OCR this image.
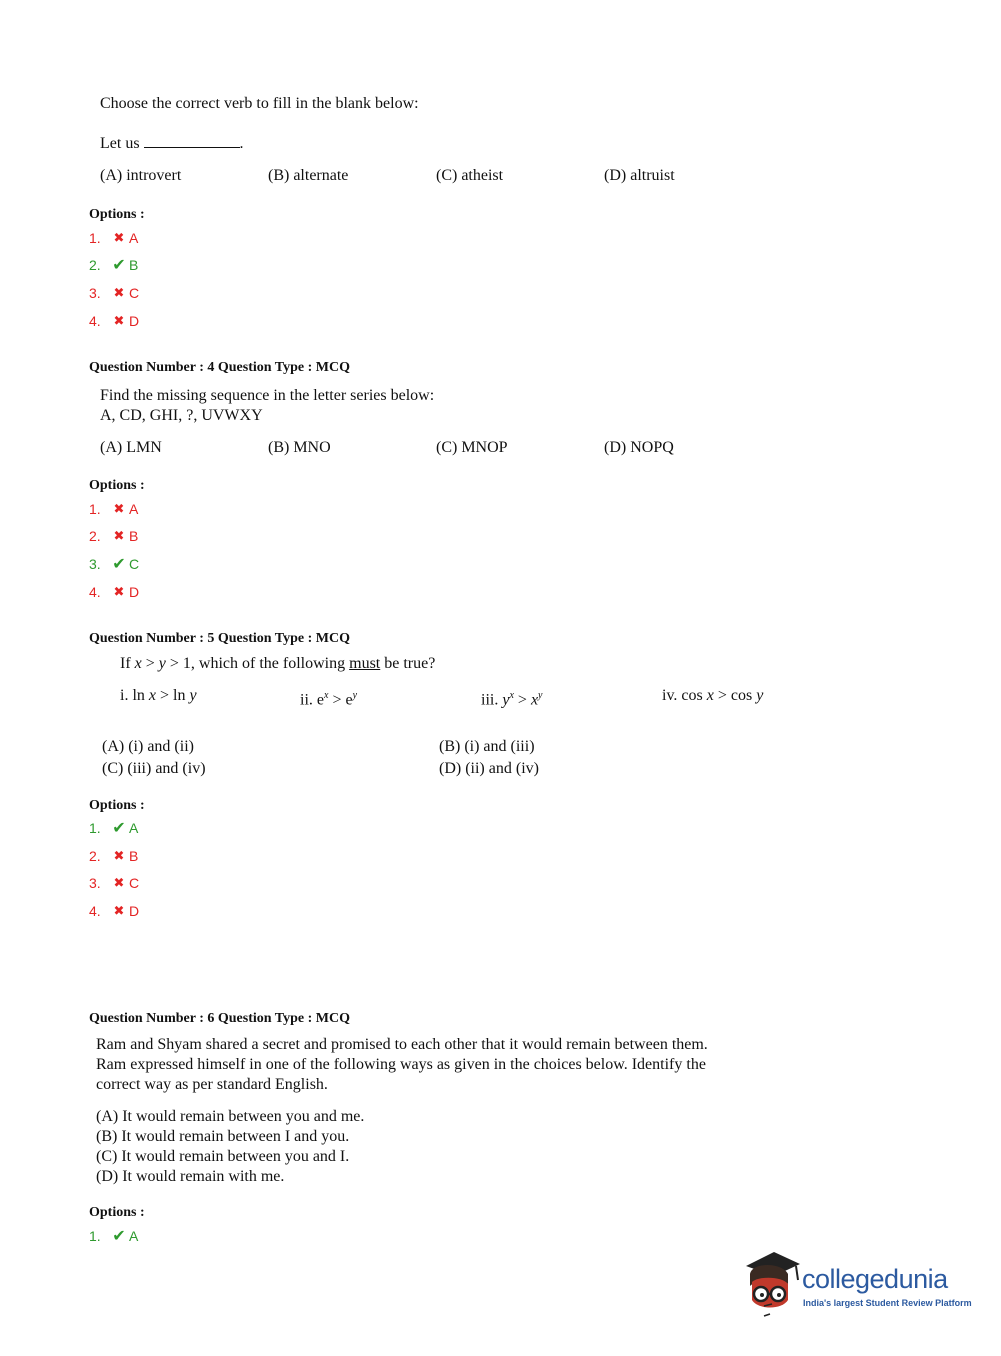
Choose the correct verb to fill in the blank below:
Let us	.
(A) introvert	(B) alternate	(C) atheist	(D) altruist
Options :
1. ✖ A
2. ✔ B
3. ✖ C
4. ✖ D
Question Number : 4 Question Type : MCQ
Find the missing sequence in the letter series below:
A, CD, GHI, ?, UVWXY
(A) LMN	(B) MNO	(C) MNOP	(D) NOPQ
Options :
1. ✖ A
2. ✖ B
3. ✔ C
4. ✖ D
Question Number : 5 Question Type : MCQ
If x > y > 1, which of the following must be true?
i. ln x > ln y	ii. $e^x > e^y$	iii. $y^x > x^y$	iv. cos x > cos y
(A) (i) and (ii)	(B) (i) and (iii)
(C) (iii) and (iv)	(D) (ii) and (iv)
Options :
1. ✔ A
2. ✖ B
3. ✖ C
4. ✖ D
Question Number : 6 Question Type : MCQ
Ram and Shyam shared a secret and promised to each other that it would remain between them.
Ram expressed himself in one of the following ways as given in the choices below. Identify the
correct way as per standard English.
(A) It would remain between you and me.
(B) It would remain between I and you.
(C) It would remain between you and I.
(D) It would remain with me.
Options :
1. ✔ A
collegedunia
India's largest Student Review Platform
